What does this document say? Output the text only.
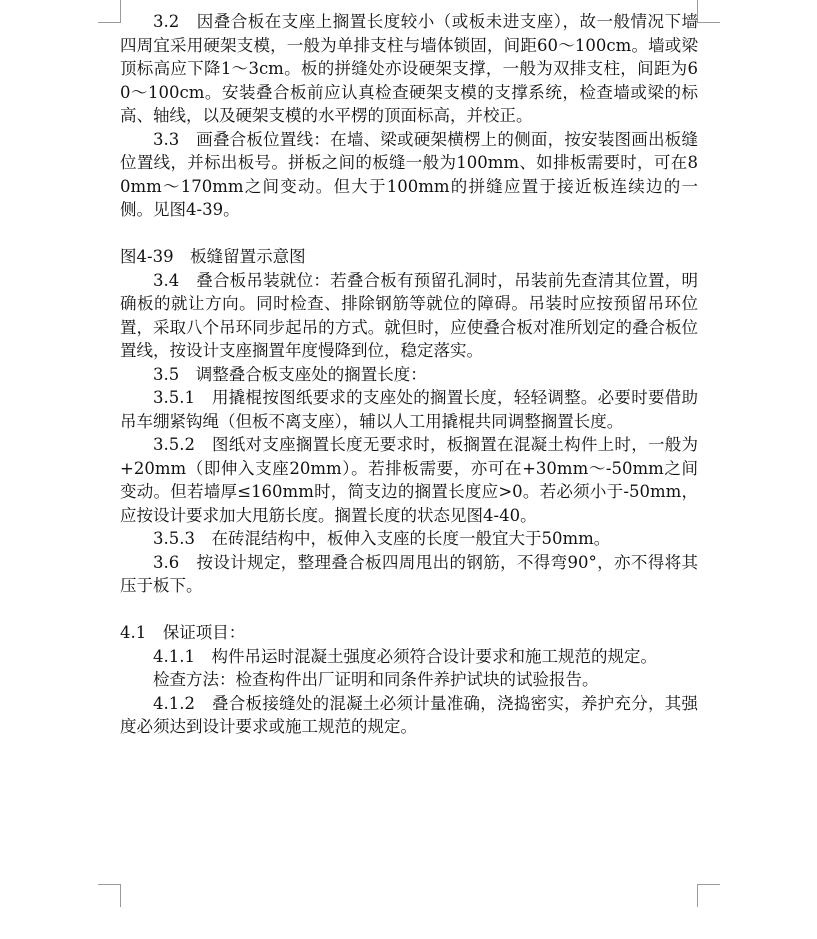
3.2　因叠合板在支座上搁置长度较小（或板未进支座），故一般情况下墙四周宜采用硬架支模，一般为单排支柱与墙体锁固，间距60～100cm。墙或梁顶标高应下降1～3cm。板的拼缝处亦设硬架支撑，一般为双排支柱，间距为60～100cm。安装叠合板前应认真检查硬架支模的支撑系统，检查墙或梁的标高、轴线，以及硬架支模的水平楞的顶面标高，并校正。

3.3　画叠合板位置线：在墙、梁或硬架横楞上的侧面，按安装图画出板缝位置线，并标出板号。拼板之间的板缝一般为100mm、如排板需要时，可在80mm～170mm之间变动。但大于100mm的拼缝应置于接近板连续边的一侧。见图4-39。

图4-39　板缝留置示意图

3.4　叠合板吊装就位：若叠合板有预留孔洞时，吊装前先查清其位置，明确板的就让方向。同时检查、排除钢筋等就位的障碍。吊装时应按预留吊环位置，采取八个吊环同步起吊的方式。就但时，应使叠合板对准所划定的叠合板位置线，按设计支座搁置年度慢降到位，稳定落实。

3.5　调整叠合板支座处的搁置长度：

3.5.1　用撬棍按图纸要求的支座处的搁置长度，轻轻调整。必要时要借助吊车绷紧钩绳（但板不离支座），辅以人工用撬棍共同调整搁置长度。

3.5.2　图纸对支座搁置长度无要求时，板搁置在混凝土构件上时，一般为+20mm（即伸入支座20mm）。若排板需要，亦可在+30mm～-50mm之间变动。但若墙厚≤160mm时，简支边的搁置长度应>0。若必须小于-50mm，应按设计要求加大甩筋长度。搁置长度的状态见图4-40。

3.5.3　在砖混结构中，板伸入支座的长度一般宜大于50mm。

3.6　按设计规定，整理叠合板四周甩出的钢筋，不得弯90°，亦不得将其压于板下。

4.1　保证项目：

4.1.1　构件吊运时混凝土强度必须符合设计要求和施工规范的规定。

检查方法：检查构件出厂证明和同条件养护试块的试验报告。

4.1.2　叠合板接缝处的混凝土必须计量准确，浇捣密实，养护充分，其强度必须达到设计要求或施工规范的规定。
